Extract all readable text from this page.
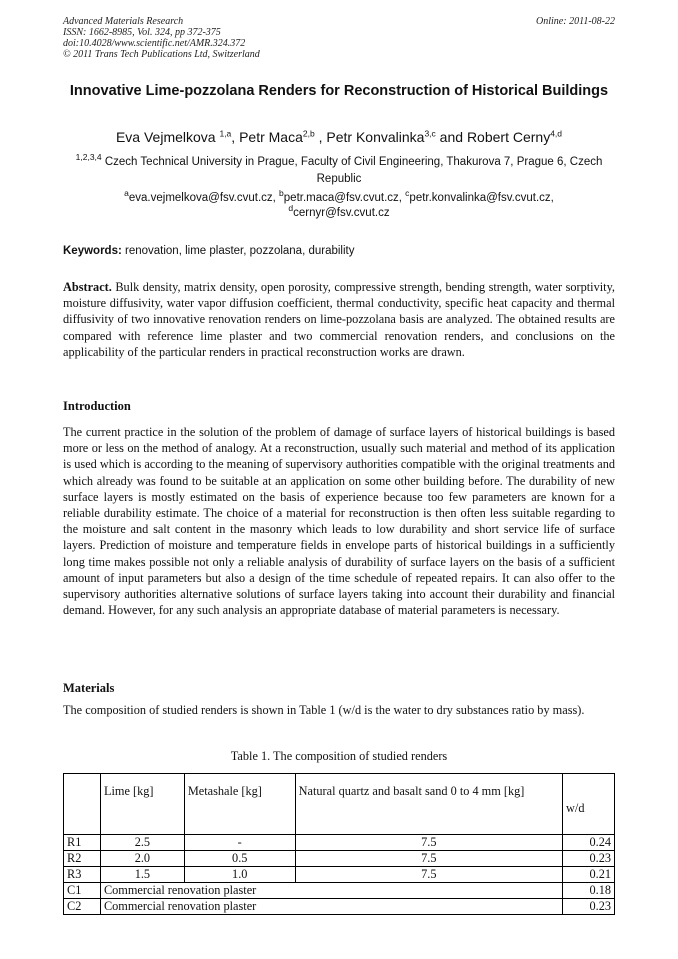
Advanced Materials Research
ISSN: 1662-8985, Vol. 324, pp 372-375
doi:10.4028/www.scientific.net/AMR.324.372
© 2011 Trans Tech Publications Ltd, Switzerland
Online: 2011-08-22
Innovative Lime-pozzolana Renders for Reconstruction of Historical Buildings
Eva Vejmelkova $^{1,a}$, Petr Maca$^{2,b}$ , Petr Konvalinka$^{3,c}$ and Robert Cerny$^{4,d}$
$^{1,2,3,4}$ Czech Technical University in Prague, Faculty of Civil Engineering, Thakurova 7, Prague 6, Czech Republic
$^a$eva.vejmelkova@fsv.cvut.cz, $^b$petr.maca@fsv.cvut.cz, $^c$petr.konvalinka@fsv.cvut.cz,
$^d$cernyr@fsv.cvut.cz
Keywords: renovation, lime plaster, pozzolana, durability
Abstract. Bulk density, matrix density, open porosity, compressive strength, bending strength, water sorptivity, moisture diffusivity, water vapor diffusion coefficient, thermal conductivity, specific heat capacity and thermal diffusivity of two innovative renovation renders on lime-pozzolana basis are analyzed. The obtained results are compared with reference lime plaster and two commercial renovation renders, and conclusions on the applicability of the particular renders in practical reconstruction works are drawn.
Introduction
The current practice in the solution of the problem of damage of surface layers of historical buildings is based more or less on the method of analogy. At a reconstruction, usually such material and method of its application is used which is according to the meaning of supervisory authorities compatible with the original treatments and which already was found to be suitable at an application on some other building before. The durability of new surface layers is mostly estimated on the basis of experience because too few parameters are known for a reliable durability estimate. The choice of a material for reconstruction is then often less suitable regarding to the moisture and salt content in the masonry which leads to low durability and short service life of surface layers. Prediction of moisture and temperature fields in envelope parts of historical buildings in a sufficiently long time makes possible not only a reliable analysis of durability of surface layers on the basis of a sufficient amount of input parameters but also a design of the time schedule of repeated repairs. It can also offer to the supervisory authorities alternative solutions of surface layers taking into account their durability and financial demand. However, for any such analysis an appropriate database of material parameters is necessary.
Materials
The composition of studied renders is shown in Table 1 (w/d is the water to dry substances ratio by mass).
Table 1. The composition of studied renders
	Lime [kg]	Metashale [kg]	Natural quartz and basalt sand 0 to 4 mm [kg]	w/d
R1	2.5	-	7.5	0.24
R2	2.0	0.5	7.5	0.23
R3	1.5	1.0	7.5	0.21
C1	Commercial renovation plaster			0.18
C2	Commercial renovation plaster			0.23
